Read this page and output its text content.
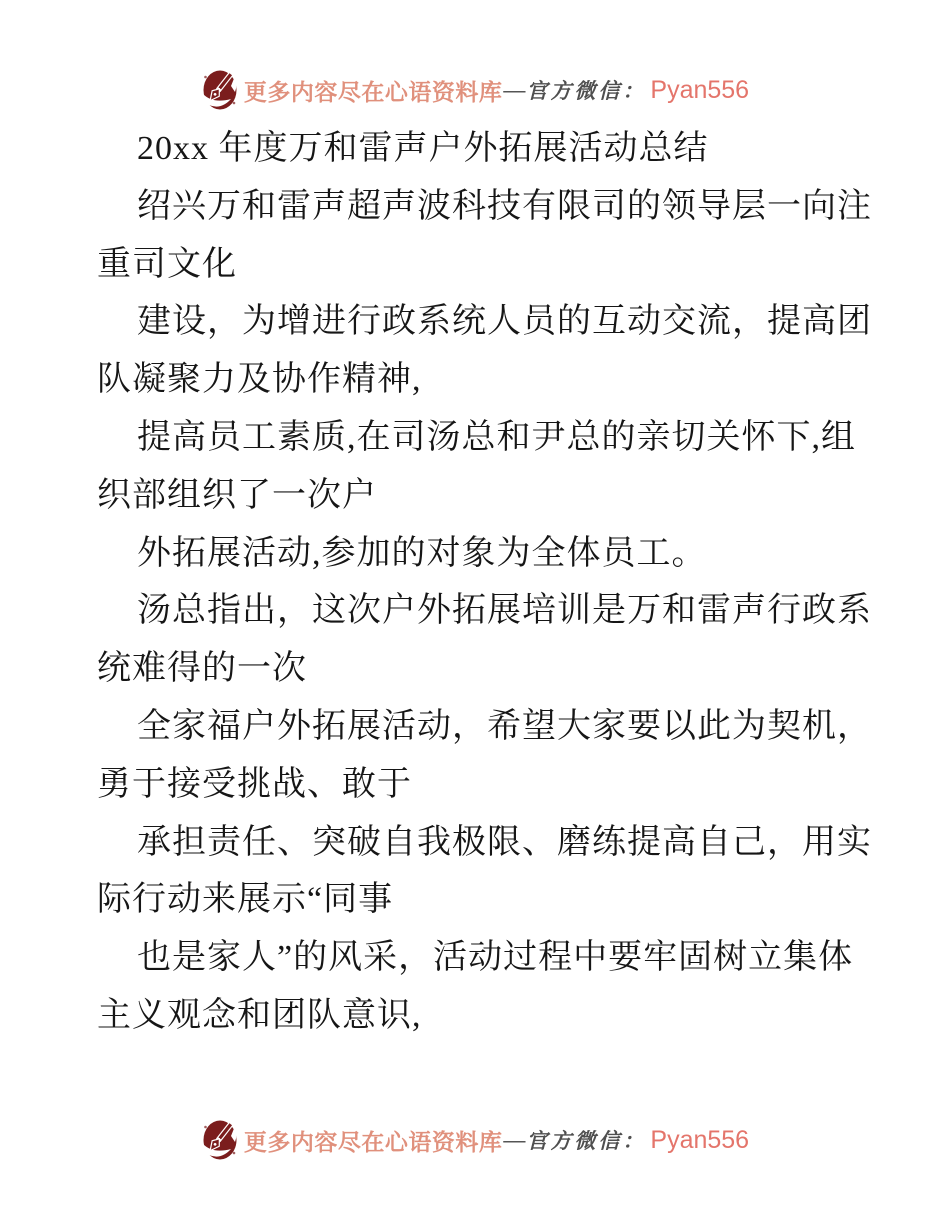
更多内容尽在心语资料库 — 官方微信： Pyan556
20xx 年度万和雷声户外拓展活动总结
绍兴万和雷声超声波科技有限司的领导层一向注
重司文化
建设，为增进行政系统人员的互动交流，提高团
队凝聚力及协作精神,
提高员工素质,在司汤总和尹总的亲切关怀下,组
织部组织了一次户
外拓展活动,参加的对象为全体员工。
汤总指出，这次户外拓展培训是万和雷声行政系
统难得的一次
全家福户外拓展活动，希望大家要以此为契机，
勇于接受挑战、敢于
承担责任、突破自我极限、磨练提高自己，用实
际行动来展示“同事
也是家人”的风采，活动过程中要牢固树立集体
主义观念和团队意识,
更多内容尽在心语资料库 — 官方微信： Pyan556
